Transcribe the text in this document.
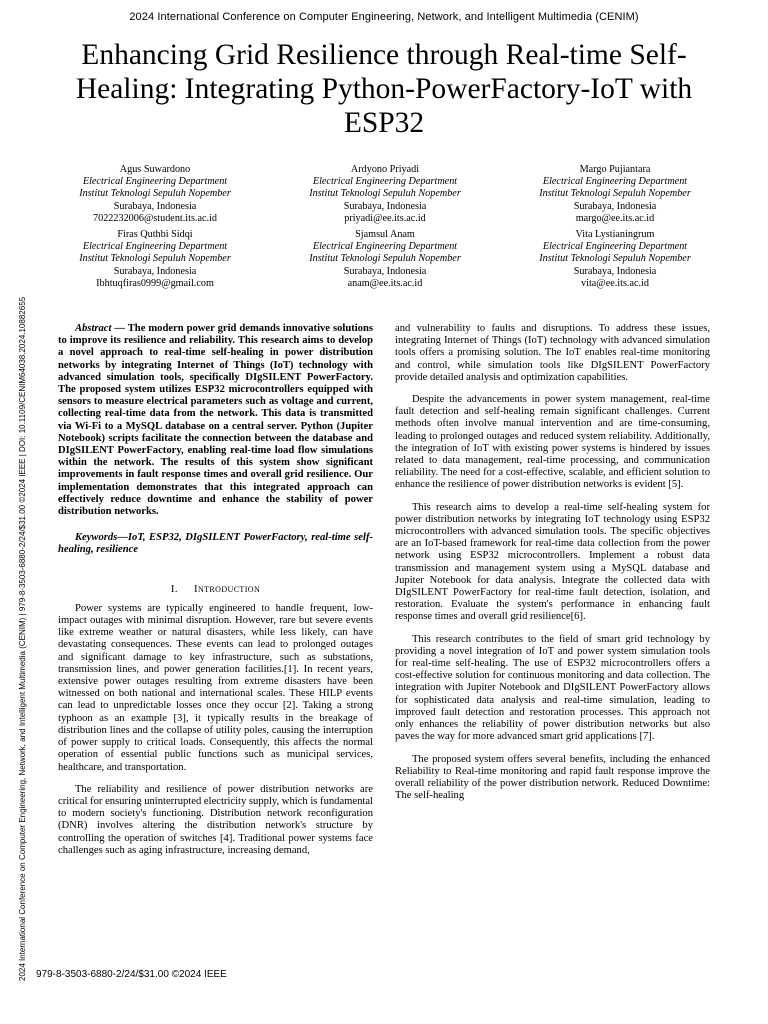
2024 International Conference on Computer Engineering, Network, and Intelligent Multimedia (CENIM)
Enhancing Grid Resilience through Real-time Self-Healing: Integrating Python-PowerFactory-IoT with ESP32
Agus Suwardono
Electrical Engineering Department
Institut Teknologi Sepuluh Nopember
Surabaya, Indonesia
7022232006@student.its.ac.id
Ardyono Priyadi
Electrical Engineering Department
Institut Teknologi Sepuluh Nopember
Surabaya, Indonesia
priyadi@ee.its.ac.id
Margo Pujiantara
Electrical Engineering Department
Institut Teknologi Sepuluh Nopember
Surabaya, Indonesia
margo@ee.its.ac.id
Firas Quthbi Sidqi
Electrical Engineering Department
Institut Teknologi Sepuluh Nopember
Surabaya, Indonesia
Ibhtuqfiras0999@gmail.com
Sjamsul Anam
Electrical Engineering Department
Institut Teknologi Sepuluh Nopember
Surabaya, Indonesia
anam@ee.its.ac.id
Vita Lystianingrum
Electrical Engineering Department
Institut Teknologi Sepuluh Nopember
Surabaya, Indonesia
vita@ee.its.ac.id
2024 International Conference on Computer Engineering, Network, and Intelligent Multimedia (CENIM) | 979-8-3503-6880-2/24/$31.00 ©2024 IEEE | DOI: 10.1109/CENIM64038.2024.10882655	Abstract — The modern power grid demands innovative solutions to improve its resilience and reliability. This research aims to develop a novel approach to real-time self-healing in power distribution networks by integrating Internet of Things (IoT) technology with advanced simulation tools, specifically DIgSILENT PowerFactory. The proposed system utilizes ESP32 microcontrollers equipped with sensors to measure electrical parameters such as voltage and current, collecting real-time data from the network. This data is transmitted via Wi-Fi to a MySQL database on a central server. Python (Jupiter Notebook) scripts facilitate the connection between the database and DIgSILENT PowerFactory, enabling real-time load flow simulations within the network. The results of this system show significant improvements in fault response times and overall grid resilience. Our implementation demonstrates that this integrated approach can effectively reduce downtime and enhance the stability of power distribution networks.

Keywords—IoT, ESP32, DIgSILENT PowerFactory, real-time self-healing, resilience

I. Introduction

Power systems are typically engineered to handle frequent, low-impact outages with minimal disruption. However, rare but severe events like extreme weather or natural disasters, while less likely, can have devastating consequences. These events can lead to prolonged outages and significant damage to key infrastructure, such as substations, transmission lines, and power generation facilities.[1]. In recent years, extensive power outages resulting from extreme disasters have been witnessed on both national and international scales. These HILP events can lead to unpredictable losses once they occur [2]. Taking a strong typhoon as an example [3], it typically results in the breakage of distribution lines and the collapse of utility poles, causing the interruption of power supply to critical loads. Consequently, this affects the normal operation of essential public functions such as municipal services, healthcare, and transportation.

The reliability and resilience of power distribution networks are critical for ensuring uninterrupted electricity supply, which is fundamental to modern society's functioning. Distribution network reconfiguration (DNR) involves altering the distribution network's structure by controlling the operation of switches [4]. Traditional power systems face challenges such as aging infrastructure, increasing demand,

and vulnerability to faults and disruptions. To address these issues, integrating Internet of Things (IoT) technology with advanced simulation tools offers a promising solution. The IoT enables real-time monitoring and control, while simulation tools like DIgSILENT PowerFactory provide detailed analysis and optimization capabilities.

Despite the advancements in power system management, real-time fault detection and self-healing remain significant challenges. Current methods often involve manual intervention and are time-consuming, leading to prolonged outages and reduced system reliability. Additionally, the integration of IoT with existing power systems is hindered by issues related to data management, real-time processing, and communication reliability. The need for a cost-effective, scalable, and efficient solution to enhance the resilience of power distribution networks is evident [5].

This research aims to develop a real-time self-healing system for power distribution networks by integrating IoT technology using ESP32 microcontrollers with advanced simulation tools. The specific objectives are an IoT-based framework for real-time data collection from the power network using ESP32 microcontrollers. Implement a robust data transmission and management system using a MySQL database and Jupiter Notebook for data analysis. Integrate the collected data with DIgSILENT PowerFactory for real-time fault detection, isolation, and restoration. Evaluate the system's performance in enhancing fault response times and overall grid resilience[6].

This research contributes to the field of smart grid technology by providing a novel integration of IoT and power system simulation tools for real-time self-healing. The use of ESP32 microcontrollers offers a cost-effective solution for continuous monitoring and data collection. The integration with Jupiter Notebook and DIgSILENT PowerFactory allows for sophisticated data analysis and real-time simulation, leading to improved fault detection and restoration processes. This approach not only enhances the reliability of power distribution networks but also paves the way for more advanced smart grid applications [7].

The proposed system offers several benefits, including the enhanced Reliability to Real-time monitoring and rapid fault response improve the overall reliability of the power distribution network. Reduced Downtime: The self-healing

979-8-3503-6880-2/24/$31.00 ©2024 IEEE
